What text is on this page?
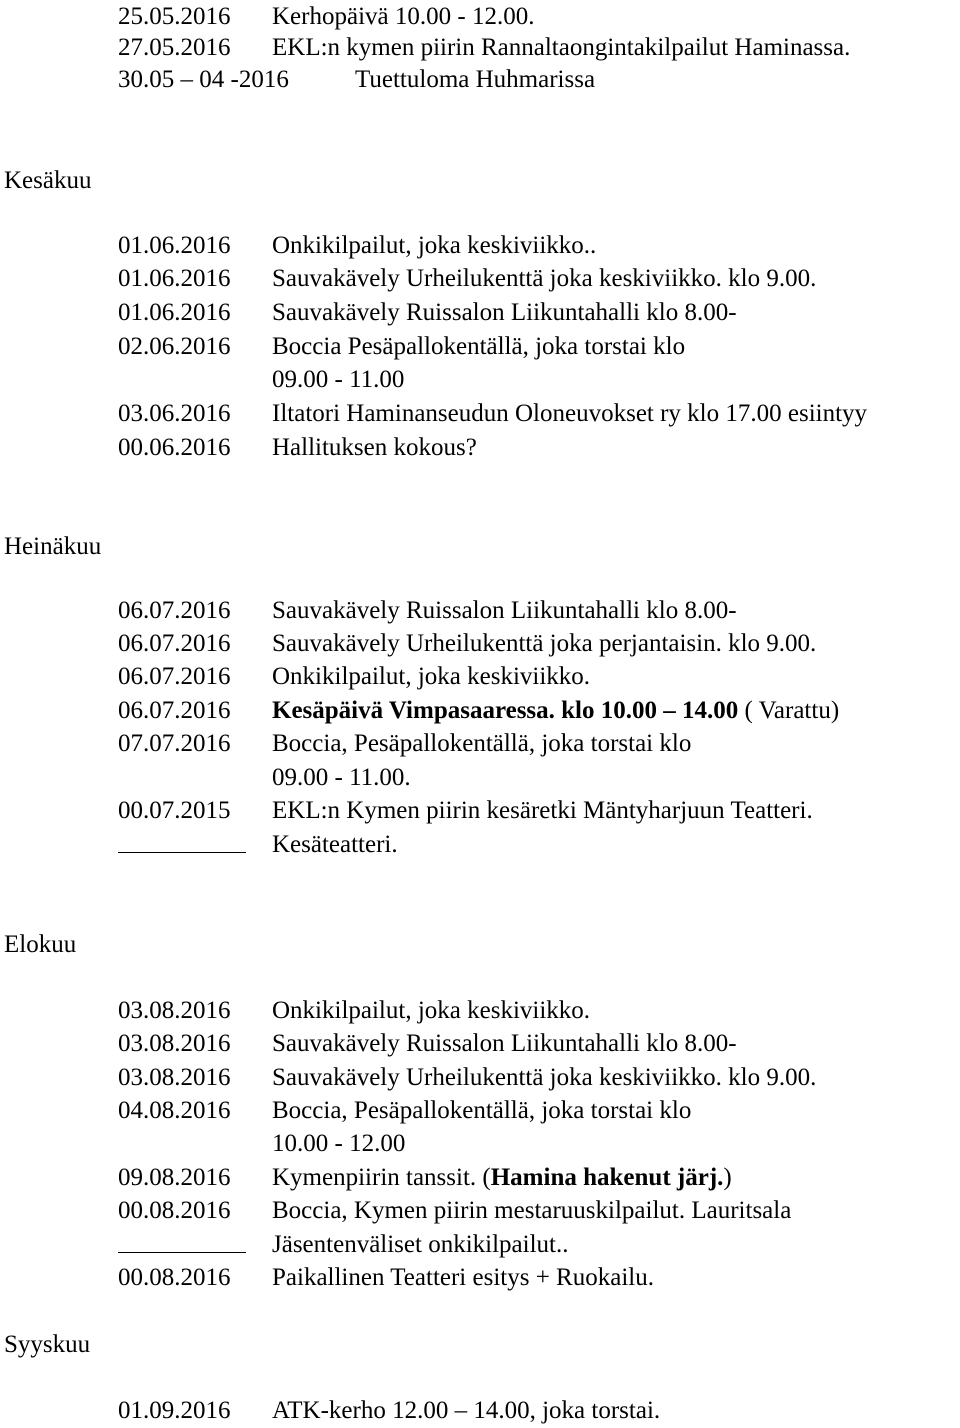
25.05.2016 Kerhopäivä 10.00 - 12.00.
27.05.2016 EKL:n kymen piirin Rannaltaongintakilpailut Haminassa.
30.05 – 04 -2016	Tuettuloma Huhmarissa
Kesäkuu
01.06.2016 Onkikilpailut, joka keskiviikko..
01.06.2016 Sauvakävely Urheilukenttä joka keskiviikko. klo 9.00.
01.06.2016 Sauvakävely Ruissalon Liikuntahalli klo 8.00-
02.06.2016 Boccia Pesäpallokentällä, joka torstai klo
09.00 - 11.00
03.06.2016 Iltatori Haminanseudun Oloneuvokset ry klo 17.00 esiintyy
00.06.2016 Hallituksen kokous?
Heinäkuu
06.07.2016 Sauvakävely Ruissalon Liikuntahalli klo 8.00-
06.07.2016 Sauvakävely Urheilukenttä joka perjantaisin. klo 9.00.
06.07.2016 Onkikilpailut, joka keskiviikko.
06.07.2016 Kesäpäivä Vimpasaaressa. klo 10.00 – 14.00 ( Varattu)
07.07.2016 Boccia, Pesäpallokentällä, joka torstai klo
09.00 - 11.00.
00.07.2015 EKL:n Kymen piirin kesäretki Mäntyharjuun Teatteri.
Kesäteatteri.
Elokuu
03.08.2016 Onkikilpailut, joka keskiviikko.
03.08.2016 Sauvakävely Ruissalon Liikuntahalli klo 8.00-
03.08.2016 Sauvakävely Urheilukenttä joka keskiviikko. klo 9.00.
04.08.2016 Boccia, Pesäpallokentällä, joka torstai klo
10.00 - 12.00
09.08.2016 Kymenpiirin tanssit. (Hamina hakenut järj.)
00.08.2016 Boccia, Kymen piirin mestaruuskilpailut. Lauritsala
Jäsentenväliset onkikilpailut..
00.08.2016 Paikallinen Teatteri esitys + Ruokailu.
Syyskuu
01.09.2016 ATK-kerho 12.00 – 14.00, joka torstai.
